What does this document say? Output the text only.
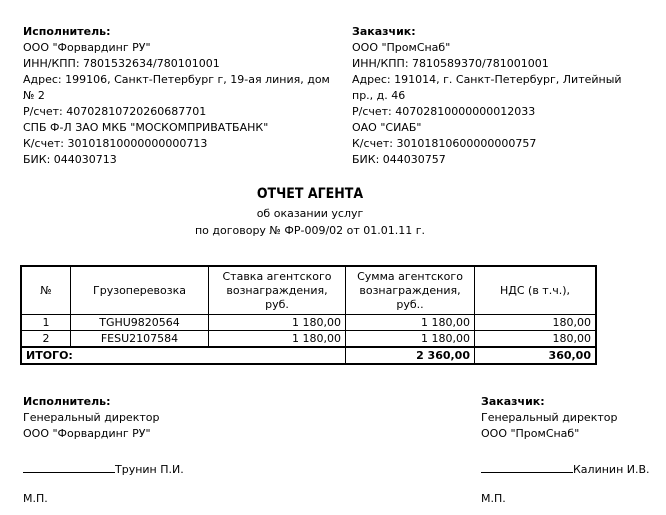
Исполнитель:
ООО "Форвардинг РУ"
ИНН/КПП: 7801532634/780101001
Адрес: 199106, Санкт-Петербург г, 19-ая линия, дом
№ 2
Р/счет: 40702810720260687701
СПБ Ф-Л ЗАО МКБ "МОСКОМПРИВАТБАНК"
К/счет: 30101810000000000713
БИК: 044030713
Заказчик:
ООО "ПромСнаб"
ИНН/КПП: 7810589370/781001001
Адрес: 191014, г. Санкт-Петербург, Литейный
пр., д. 46
Р/счет: 40702810000000012033
ОАО "СИАБ"
К/счет: 30101810600000000757
БИК: 044030757
ОТЧЕТ АГЕНТА
об оказании услуг
по договору № ФР-009/02 от 01.01.11 г.
№	Грузоперевозка	Ставка агентского вознаграждения, руб.	Сумма агентского вознаграждения, руб..	НДС (в т.ч.),
1	TGHU9820564	1 180,00	1 180,00	180,00
2	FESU2107584	1 180,00	1 180,00	180,00
ИТОГО:			2 360,00	360,00
Исполнитель:
Генеральный директор
ООО "Форвардинг РУ"
Заказчик:
Генеральный директор
ООО "ПромСнаб"
Трунин П.И.	Калинин И.В.
М.П.	М.П.
